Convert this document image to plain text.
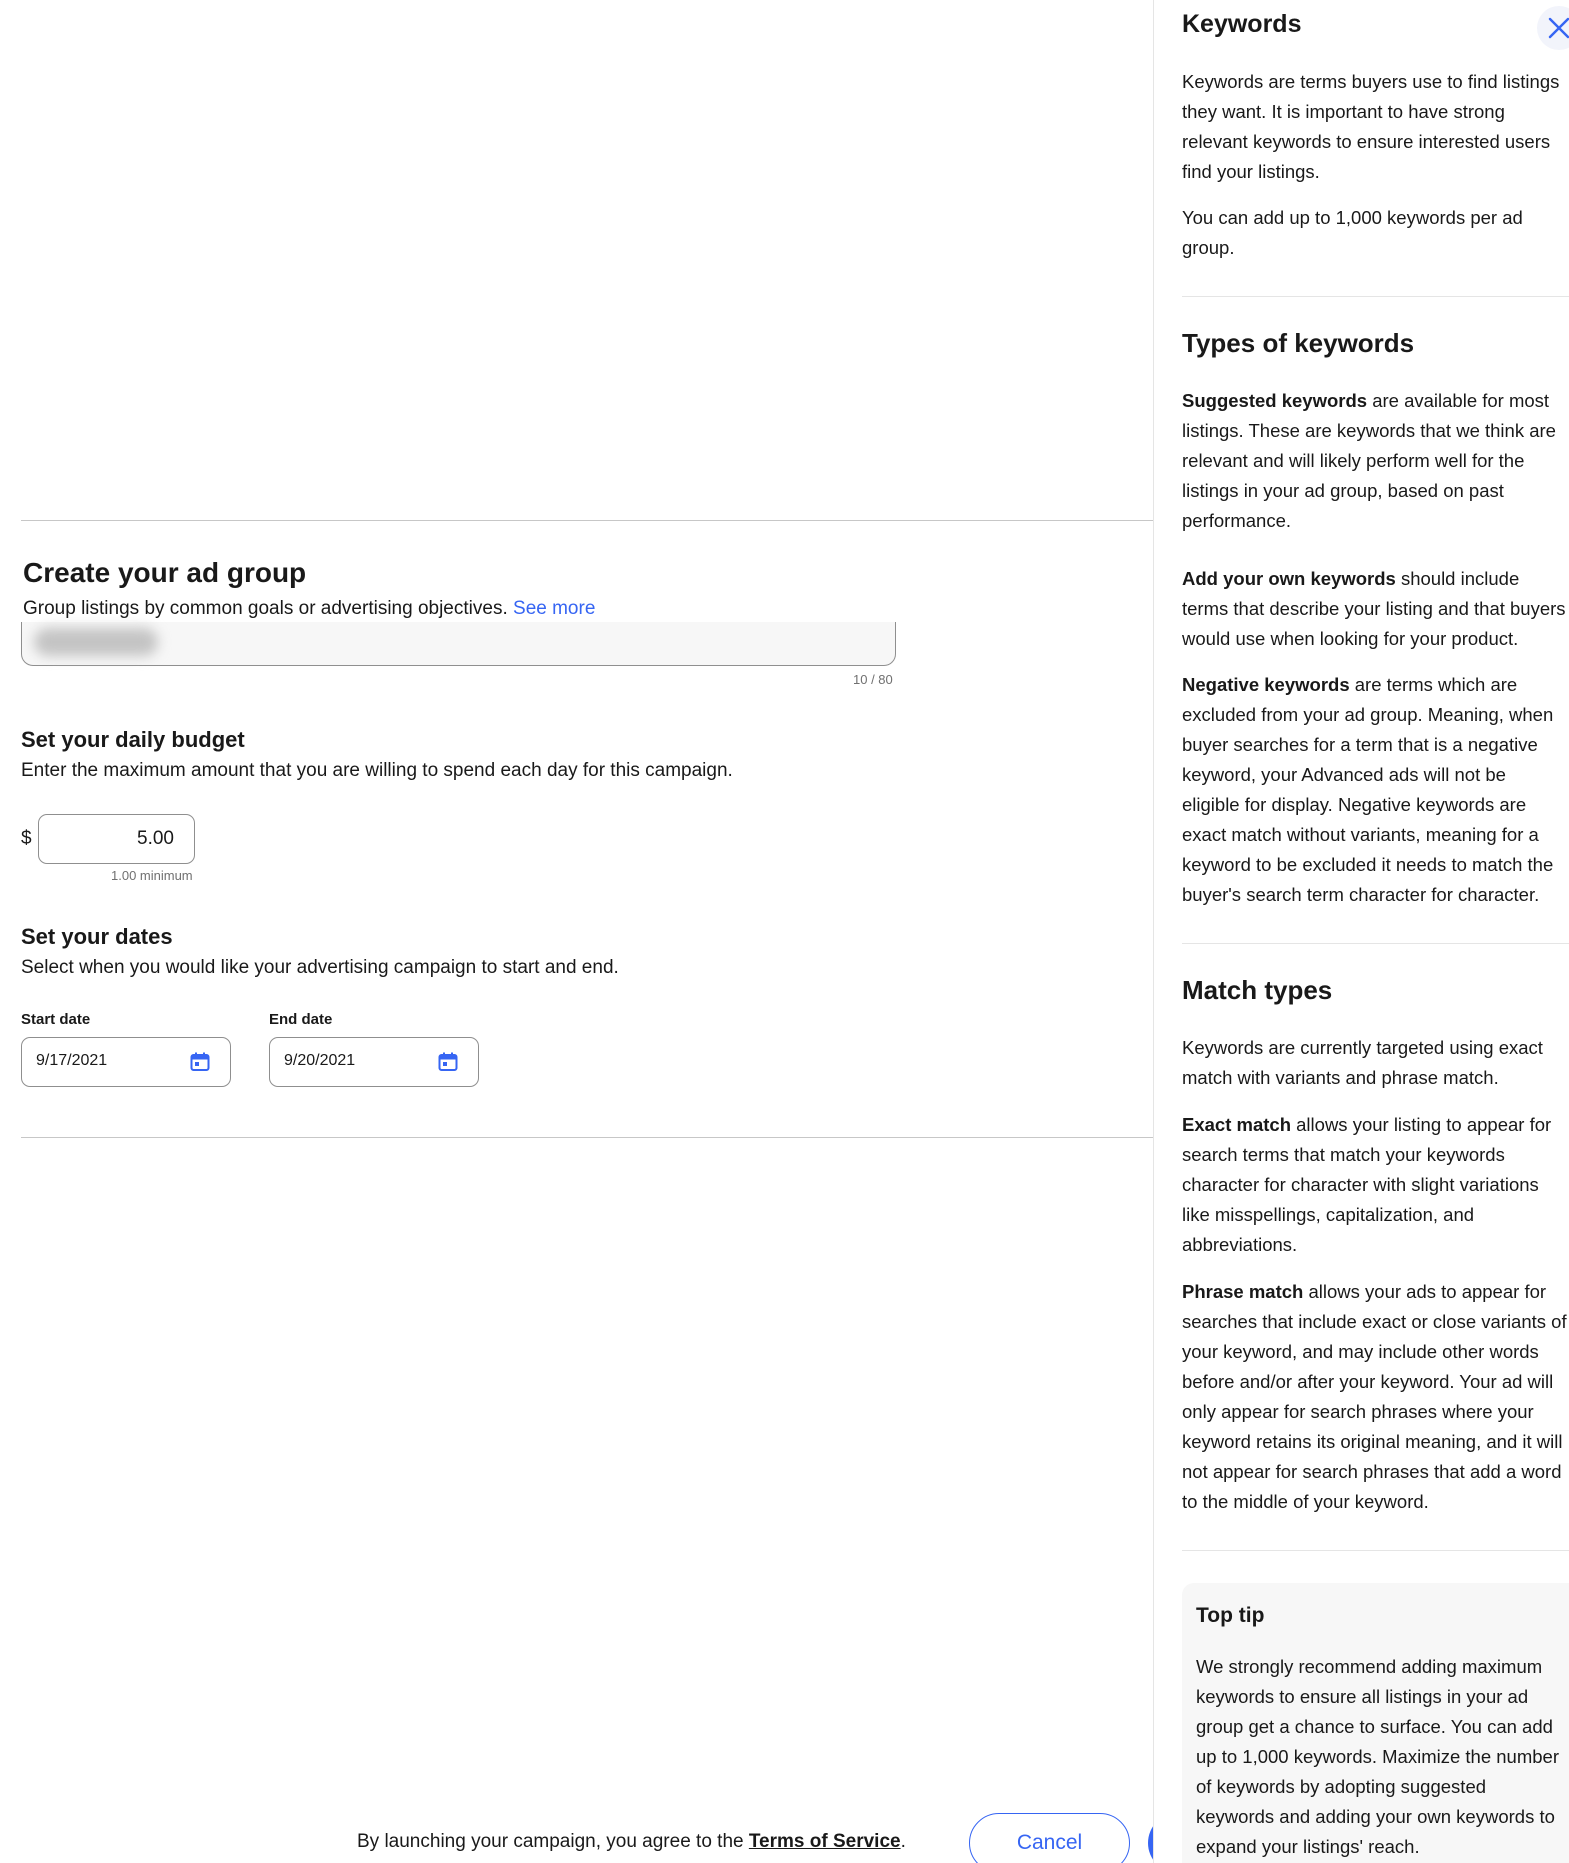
Create your ad group
Group listings by common goals or advertising objectives. See more
10 / 80
Set your daily budget
Enter the maximum amount that you are willing to spend each day for this campaign.
$	5.00
1.00 minimum
Set your dates
Select when you would like your advertising campaign to start and end.
Start date
9/17/2021
End date
9/20/2021
By launching your campaign, you agree to the Terms of Service.	Cancel
Keywords

Keywords are terms buyers use to find listings they want. It is important to have strong relevant keywords to ensure interested users find your listings.

You can add up to 1,000 keywords per ad group.

Types of keywords

Suggested keywords are available for most listings. These are keywords that we think are relevant and will likely perform well for the listings in your ad group, based on past performance.

Add your own keywords should include terms that describe your listing and that buyers would use when looking for your product.

Negative keywords are terms which are excluded from your ad group. Meaning, when buyer searches for a term that is a negative keyword, your Advanced ads will not be eligible for display. Negative keywords are exact match without variants, meaning for a keyword to be excluded it needs to match the buyer's search term character for character.

Match types

Keywords are currently targeted using exact match with variants and phrase match.

Exact match allows your listing to appear for search terms that match your keywords character for character with slight variations like misspellings, capitalization, and abbreviations.

Phrase match allows your ads to appear for searches that include exact or close variants of your keyword, and may include other words before and/or after your keyword. Your ad will only appear for search phrases where your keyword retains its original meaning, and it will not appear for search phrases that add a word to the middle of your keyword.

Top tip

We strongly recommend adding maximum keywords to ensure all listings in your ad group get a chance to surface. You can add up to 1,000 keywords. Maximize the number of keywords by adopting suggested keywords and adding your own keywords to expand your listings' reach.
